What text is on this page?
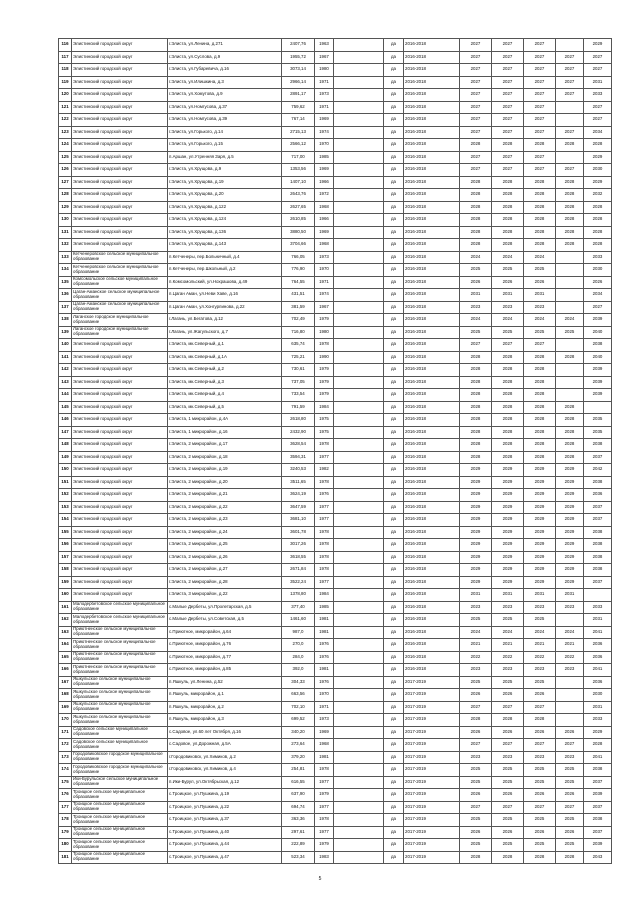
116	Элистинский городской округ	г.Элиста, ул.Ленина, д.271	2407,76	1963		да	2016-2018	2027	2027	2027		2029
117	Элистинский городской округ	г.Элиста, ул.Суслова, д.9	1955,72	1967		да	2016-2018	2027	2027	2027	2027	2027
118	Элистинский городской округ	г.Элиста, ул.Губаревича, д.16	3073,14	1980		да	2016-2018	2027	2027	2027	2027	2027
119	Элистинский городской округ	г.Элиста, ул.Илишкина, д.3	2966,14	1971		да	2016-2018	2027	2027	2027	2027	2031
120	Элистинский городской округ	г.Элиста, ул.Хомутова, д.9	2891,17	1973		да	2016-2018	2027	2027	2027	2027	2033
121	Элистинский городской округ	г.Элиста, ул.Номгусова, д.37	759,62	1971		да	2016-2018	2027	2027	2027		2027
122	Элистинский городской округ	г.Элиста, ул.Номгусова, д.39	767,14	1969		да	2016-2018	2027	2027	2027		2027
123	Элистинский городской округ	г.Элиста, ул.Горького, д.14	2715,13	1974		да	2016-2018	2027	2027	2027	2027	2034
124	Элистинский городской округ	г.Элиста, ул.Горького, д.15	2566,12	1970		да	2016-2018	2028	2028	2028	2028	2028
125	Элистинский городской округ	п.Аршан, ул.Утренняя Заря, д.5	717,00	1985		да	2016-2018	2027	2027	2027		2029
126	Элистинский городской округ	г.Элиста, ул.Хрущова, д.9	1353,56	1969		да	2016-2018	2027	2027	2027	2027	2030
127	Элистинский городской округ	г.Элиста, ул.Хрущова, д.19	1407,10	1966		да	2016-2018	2028	2028	2028	2028	2029
128	Элистинский городской округ	г.Элиста, ул.Хрущова, д.20	2643,76	1972		да	2016-2018	2028	2028	2028	2028	2032
129	Элистинский городской округ	г.Элиста, ул.Хрущова, д.122	2627,65	1968		да	2016-2018	2028	2028	2028	2028	2028
130	Элистинский городской округ	г.Элиста, ул.Хрущова, д.124	2610,85	1966		да	2016-2018	2028	2028	2028	2028	2028
131	Элистинский городской округ	г.Элиста, ул.Хрущова, д.136	3880,50	1969		да	2016-2018	2028	2028	2028	2028	2028
132	Элистинский городской округ	г.Элиста, ул.Хрущова, д.143	3704,66	1968		да	2016-2018	2028	2028	2028	2028	2028
133	Кетченеровское сельское муниципальное образование	п.Кетченеры, пер.Больничный, д.4	766,05	1973		да	2016-2018	2024	2024	2024		2033
134	Кетченеровское сельское муниципальное образование	п.Кетченеры, пер.Школьный, д.2	776,90	1970		да	2016-2018	2025	2025	2025		2030
135	Комсомольское сельское муниципальное образование	п.Комсомольский, ул.Нохрашова, д.49	764,55	1971		да	2016-2018	2026	2026	2026		2026
136	Цаган-Аманское сельское муниципальное образование	п.Цаган Аман, ул.Неви Хаве, д.16	431,51	1974		да	2016-2018	2031	2031	2031		2034
137	Цаган-Аманское сельское муниципальное образование	п.Цаган Аман, ул.Хонгурлинова, д.22	381,59	1967		да	2016-2018	2023	2023	2023		2027
138	Лаганское городское муниципальное образование	г.Лагань, ул.Бегатова, д.12	702,49	1979		да	2016-2018	2024	2024	2024	2024	2039
139	Лаганское городское муниципальное образование	г.Лагань, ул.Жагульского, д.7	716,80	1980		да	2016-2018	2025	2025	2025	2025	2040
140	Элистинский городской округ	г.Элиста, мк.Северный, д.1	635,74	1978		да	2016-2018	2027	2027	2027		2038
141	Элистинский городской округ	г.Элиста, мк.Северный, д.1А	725,21	1990		да	2016-2018	2028	2028	2028	2028	2040
142	Элистинский городской округ	г.Элиста, мк.Северный, д.2	730,61	1979		да	2016-2018	2028	2028	2028		2039
143	Элистинский городской округ	г.Элиста, мк.Северный, д.3	737,05	1979		да	2016-2018	2028	2028	2028		2039
144	Элистинский городской округ	г.Элиста, мк.Северный, д.4	733,54	1979		да	2016-2018	2028	2028	2028		2039
145	Элистинский городской округ	г.Элиста, мк.Северный, д.5	791,59	1984		да	2016-2018	2028	2028	2028	2028	
146	Элистинский городской округ	г.Элиста, 1 микрорайон, д.4А	2618,80	1975		да	2016-2018	2028	2028	2028	2028	2035
147	Элистинский городской округ	г.Элиста, 1 микрорайон, д.16	2432,90	1975		да	2016-2018	2028	2028	2028	2028	2035
148	Элистинский городской округ	г.Элиста, 2 микрорайон, д.17	3628,54	1978		да	2016-2018	2028	2028	2028	2028	2038
149	Элистинский городской округ	г.Элиста, 2 микрорайон, д.18	3594,31	1977		да	2016-2018	2028	2028	2028	2028	2037
150	Элистинский городской округ	г.Элиста, 2 микрорайон, д.19	3240,53	1982		да	2016-2018	2029	2029	2029	2029	2042
151	Элистинский городской округ	г.Элиста, 2 микрорайон, д.20	3511,65	1978		да	2016-2018	2029	2029	2029	2029	2038
152	Элистинский городской округ	г.Элиста, 2 микрорайон, д.21	3624,19	1976		да	2016-2018	2029	2029	2029	2029	2036
153	Элистинский городской округ	г.Элиста, 2 микрорайон, д.22	3647,59	1977		да	2016-2018	2029	2029	2029	2029	2037
154	Элистинский городской округ	г.Элиста, 2 микрорайон, д.23	3681,10	1977		да	2016-2018	2029	2029	2029	2029	2037
155	Элистинский городской округ	г.Элиста, 2 микрорайон, д.24	3601,78	1978		да	2016-2018	2029	2029	2029	2029	2038
156	Элистинский городской округ	г.Элиста, 2 микрорайон, д.25	3017,26	1978		да	2016-2018	2029	2029	2029	2029	2038
157	Элистинский городской округ	г.Элиста, 2 микрорайон, д.26	3618,55	1978		да	2016-2018	2029	2029	2029	2029	2038
158	Элистинский городской округ	г.Элиста, 2 микрорайон, д.27	2671,84	1978		да	2016-2018	2029	2029	2029	2029	2038
159	Элистинский городской округ	г.Элиста, 2 микрорайон, д.28	3522,24	1977		да	2016-2018	2029	2029	2029	2029	2037
160	Элистинский городской округ	г.Элиста, 3 микрорайон, д.22	1378,80	1984		да	2016-2018	2031	2031	2031	2031	
161	Малодербетовское сельское муниципальное образование	с.Малые Дербеты, ул.Пролетарская, д.5	377,40	1985		да	2016-2018	2023	2023	2023	2023	2033
162	Малодербетовское сельское муниципальное образование	с.Малые Дербеты, ул.Советская, д.5	1461,60	1981		да	2016-2018	2025	2025	2025		2031
163	Приютненское сельское муниципальное образование	с.Приютное, микрорайон, д.64	987,0	1981		да	2016-2018	2024	2024	2024	2024	2041
164	Приютненское сельское муниципальное образование	с.Приютное, микрорайон, д.76	270,0	1976		да	2016-2018	2021	2021	2021	2021	2036
165	Приютненское сельское муниципальное образование	с.Приютное, микрорайон, д.77	284,0	1976		да	2016-2018	2022	2022	2022	2022	2036
166	Приютненское сельское муниципальное образование	с.Приютное, микрорайон, д.85	392,0	1981		да	2016-2018	2023	2023	2023	2023	2041
167	Яшкульское сельское муниципальное образование	п.Яшкуль, ул.Ленина, д.52	304,33	1976		да	2017-2019	2025	2025	2025		2036
168	Яшкульское сельское муниципальное образование	п.Яшкуль, микрорайон, д.1	663,56	1970		да	2017-2019	2026	2026	2026		2030
169	Яшкульское сельское муниципальное образование	п.Яшкуль, микрорайон, д.2	702,10	1971		да	2017-2019	2027	2027	2027		2031
170	Яшкульское сельское муниципальное образование	п.Яшкуль, микрорайон, д.3	699,52	1973		да	2017-2019	2028	2028	2028		2033
171	Садовское сельское муниципальное образование	с.Садовое, ул.60 лет Октября, д.16	340,20	1969		да	2017-2019	2026	2026	2026	2026	2029
172	Садовское сельское муниципальное образование	с.Садовое, ул.Дорожная, д.5А	273,64	1968		да	2017-2019	2027	2027	2027	2027	2028
173	Городовиковское городское муниципальное образование	г.Городовиковск, ул.Химиков, д.2	379,20	1981		да	2017-2019	2023	2023	2023	2023	2041
174	Городовиковское городское муниципальное образование	г.Городовиковск, ул.Химиков, д.4	254,81	1978		да	2017-2019	2025	2025	2025	2025	2038
175	Ики-Бурульское сельское муниципальное образование	п.Ики-Бурул, ул.Октябрьская, д.12	616,55	1977		да	2017-2019	2025	2025	2025	2025	2037
176	Троицкое сельское муниципальное образование	с.Троицкое, ул.Пушкина, д.19	637,90	1979		да	2017-2019	2026	2026	2026	2026	2039
177	Троицкое сельское муниципальное образование	с.Троицкое, ул.Пушкина, д.22	694,74	1977		да	2017-2019	2027	2027	2027	2027	2037
178	Троицкое сельское муниципальное образование	с.Троицкое, ул.Пушкина, д.37	363,36	1978		да	2017-2019	2025	2025	2025	2025	2038
179	Троицкое сельское муниципальное образование	с.Троицкое, ул.Пушкина, д.40	297,61	1977		да	2017-2019	2026	2026	2026	2026	2037
180	Троицкое сельское муниципальное образование	с.Троицкое, ул.Пушкина, д.44	222,89	1979		да	2017-2019	2025	2025	2025	2025	2039
181	Троицкое сельское муниципальное образование	с.Троицкое, ул.Пушкина, д.47	523,34	1983		да	2017-2019	2028	2028	2028	2028	2043
5
